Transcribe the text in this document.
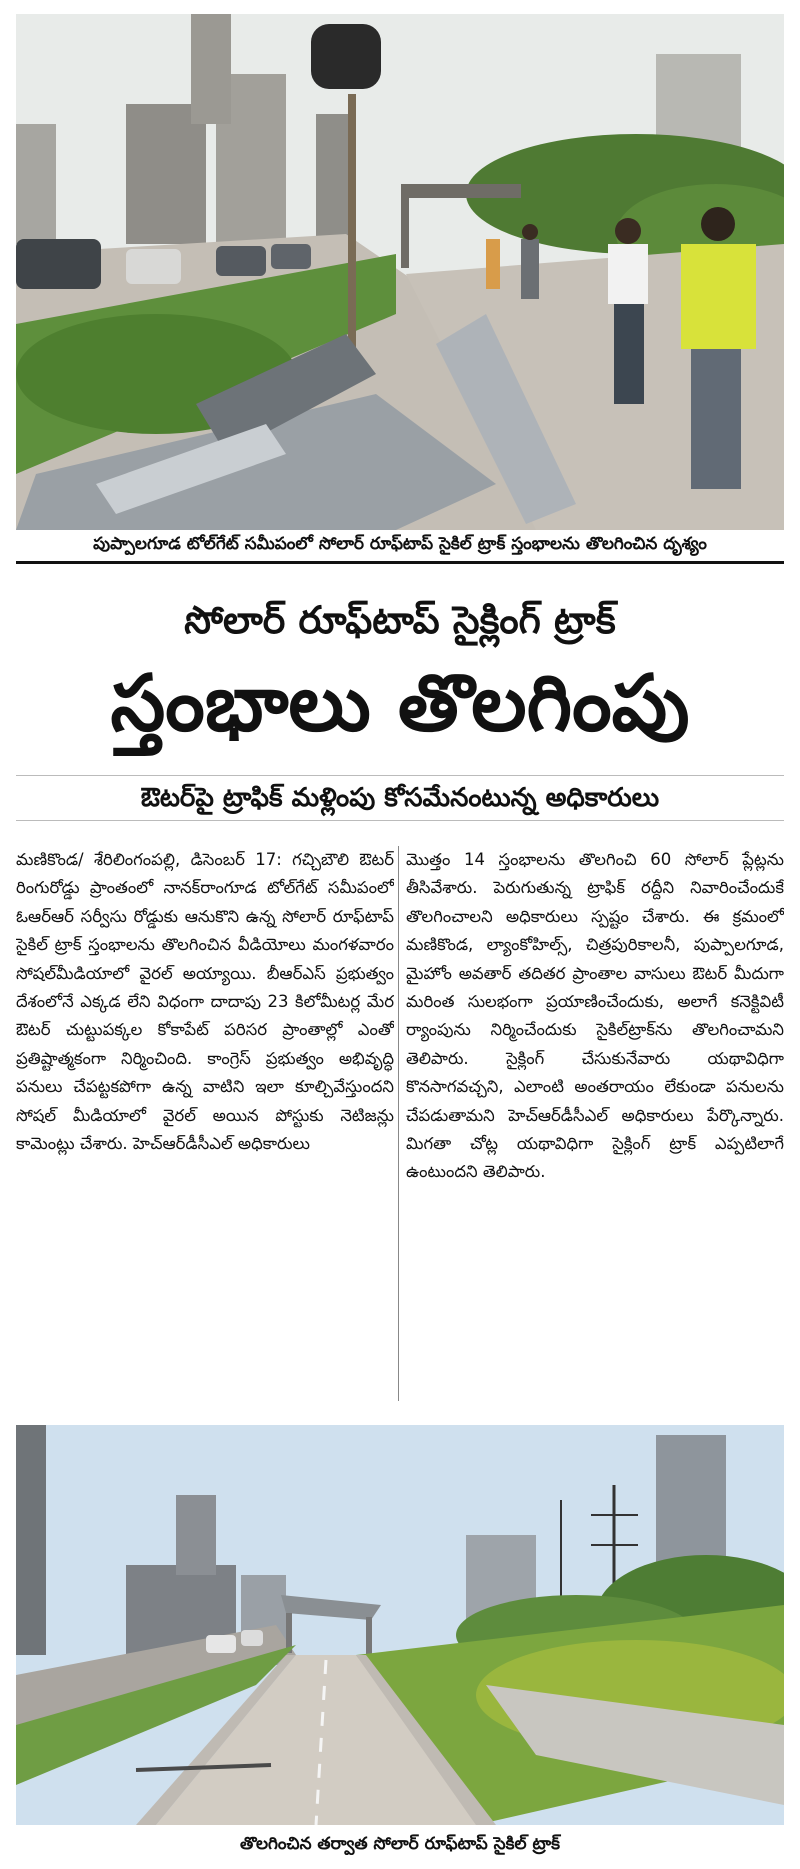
పుప్పాలగూడ టోల్‌గేట్ సమీపంలో సోలార్ రూఫ్‌టాప్ సైకిల్ ట్రాక్ స్తంభాలను తొలగించిన దృశ్యం
సోలార్ రూఫ్‌టాప్ సైక్లింగ్ ట్రాక్
స్తంభాలు తొలగింపు
ఔటర్‌పై ట్రాఫిక్ మళ్లింపు కోసమేనంటున్న అధికారులు
మణికొండ/ శేరిలింగంపల్లి, డిసెంబర్ 17: గచ్చిబౌలి ఔటర్ రింగురోడ్డు ప్రాంతంలో నానక్‌రాంగూడ టోల్‌గేట్ సమీపంలో ఓఆర్‌ఆర్ సర్వీసు రోడ్డుకు ఆనుకొని ఉన్న సోలార్ రూఫ్‌టాప్ సైకిల్ ట్రాక్ స్తంభాలను తొలగించిన వీడియోలు మంగళవారం సోషల్‌మీడియాలో వైరల్ అయ్యాయి. బీఆర్‌ఎస్ ప్రభుత్వం దేశంలోనే ఎక్కడ లేని విధంగా దాదాపు 23 కిలోమీటర్ల మేర ఔటర్ చుట్టుపక్కల కోకాపేట్ పరిసర ప్రాంతాల్లో ఎంతో ప్రతిష్టాత్మకంగా నిర్మించింది. కాంగ్రెస్ ప్రభుత్వం అభివృద్ధి పనులు చేపట్టకపోగా ఉన్న వాటిని ఇలా కూల్చివేస్తుందని సోషల్ మీడియాలో వైరల్ అయిన పోస్టుకు నెటిజన్లు కామెంట్లు చేశారు. హెచ్‌ఆర్‌డీసీఎల్ అధికారులు
మొత్తం 14 స్తంభాలను తొలగించి 60 సోలార్ ప్లేట్లను తీసివేశారు. పెరుగుతున్న ట్రాఫిక్ రద్దీని నివారించేందుకే తొలగించాలని అధికారులు స్పష్టం చేశారు. ఈ క్రమంలో మణికొండ, ల్యాంకోహిల్స్, చిత్రపురికాలనీ, పుప్పాలగూడ, మైహోం అవతార్ తదితర ప్రాంతాల వాసులు ఔటర్ మీదుగా మరింత సులభంగా ప్రయాణించేందుకు, అలాగే కనెక్టివిటీ ర్యాంపును నిర్మించేందుకు సైకిల్‌ట్రాక్‌ను తొలగించామని తెలిపారు. సైక్లింగ్ చేసుకునేవారు యథావిధిగా కొనసాగవచ్చని, ఎలాంటి అంతరాయం లేకుండా పనులను చేపడుతామని హెచ్‌ఆర్‌డీసీఎల్ అధికారులు పేర్కొన్నారు. మిగతా చోట్ల యథావిధిగా సైక్లింగ్ ట్రాక్ ఎప్పటిలాగే ఉంటుందని తెలిపారు.
తొలగించిన తర్వాత సోలార్ రూఫ్‌టాప్ సైకిల్ ట్రాక్
